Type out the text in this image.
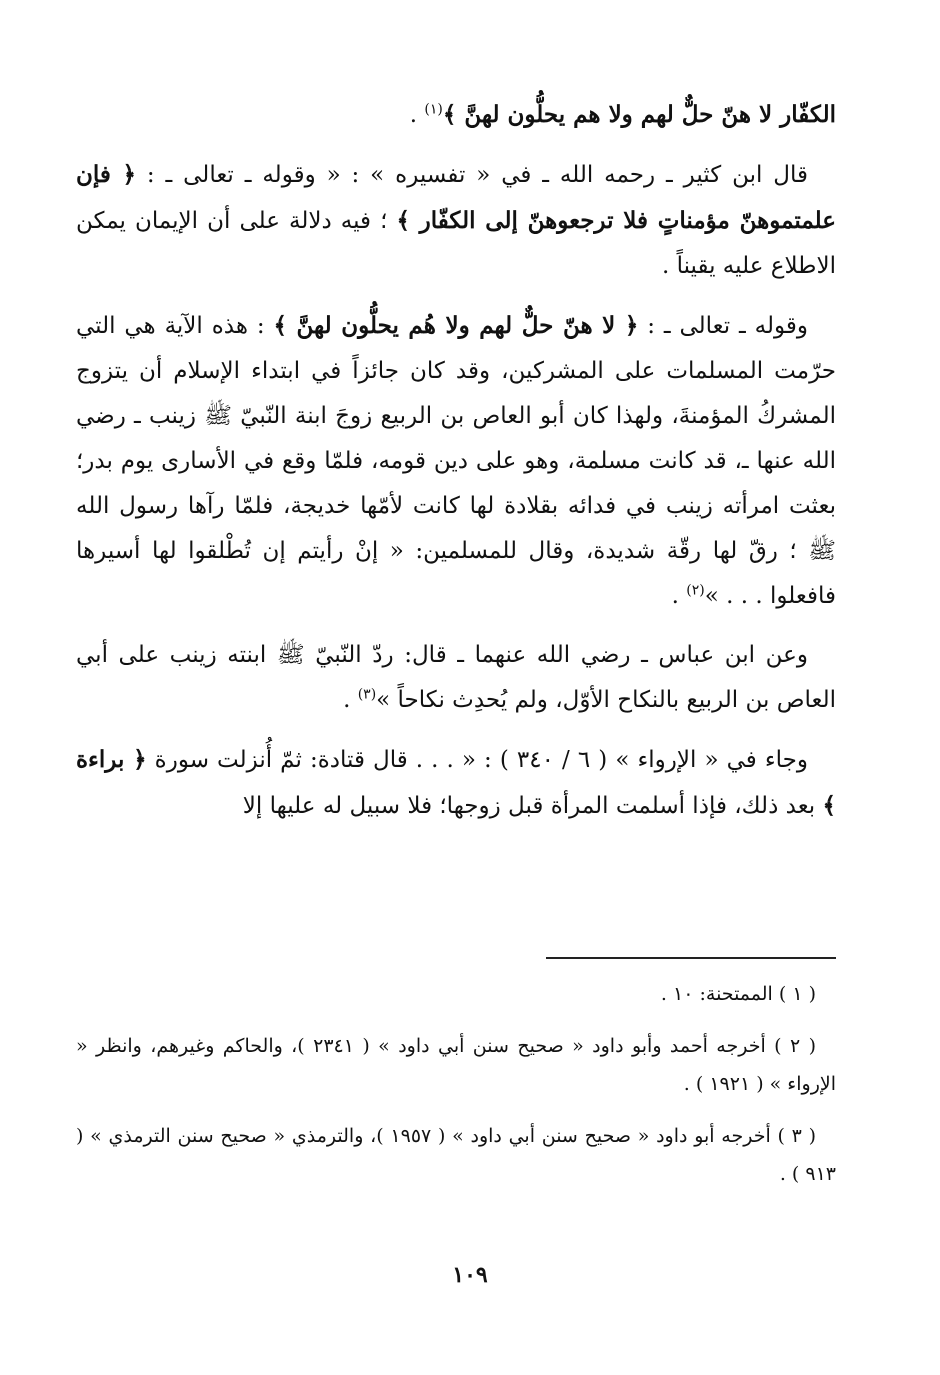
الكفّار لا هنّ حلٌّ لهم ولا هم يحلُّون لهنَّ ﴾$^{(١)}$ .

قال ابن كثير ـ رحمه الله ـ في « تفسيره » : « وقوله ـ تعالى ـ : ﴿ فإن علمتموهنّ مؤمناتٍ فلا ترجعوهنّ إلى الكفّار ﴾ ؛ فيه دلالة على أن الإيمان يمكن الاطلاع عليه يقيناً .

وقوله ـ تعالى ـ : ﴿ لا هنّ حلٌّ لهم ولا هُم يحلُّون لهنَّ ﴾ : هذه الآية هي التي حرّمت المسلمات على المشركين، وقد كان جائزاً في ابتداء الإسلام أن يتزوج المشركُ المؤمنةَ، ولهذا كان أبو العاص بن الربيع زوجَ ابنة النّبيّ ﷺ زينب ـ رضي الله عنها ـ، قد كانت مسلمة، وهو على دين قومه، فلمّا وقع في الأسارى يوم بدر؛ بعثت امرأته زينب في فدائه بقلادة لها كانت لأمّها خديجة، فلمّا رآها رسول الله ﷺ ؛ رقّ لها رقّة شديدة، وقال للمسلمين: « إنْ رأيتم إن تُطْلقوا لها أسيرها فافعلوا . . . »$^{(٢)}$ .

وعن ابن عباس ـ رضي الله عنهما ـ قال: ردّ النّبيّ ﷺ ابنته زينب على أبي العاص بن الربيع بالنكاح الأوّل، ولم يُحدِث نكاحاً »$^{(٣)}$ .

وجاء في « الإرواء » ( ٦ / ٣٤٠ ) : « . . . قال قتادة: ثمّ أُنزلت سورة ﴿ براءة ﴾ بعد ذلك، فإذا أسلمت المرأة قبل زوجها؛ فلا سبيل له عليها إلا

( ١ ) الممتحنة: ١٠ .

( ٢ ) أخرجه أحمد وأبو داود « صحيح سنن أبي داود » ( ٢٣٤١ )، والحاكم وغيرهم، وانظر « الإرواء » ( ١٩٢١ ) .

( ٣ ) أخرجه أبو داود « صحيح سنن أبي داود » ( ١٩٥٧ )، والترمذي « صحيح سنن الترمذي » ( ٩١٣ ) .

١٠٩
